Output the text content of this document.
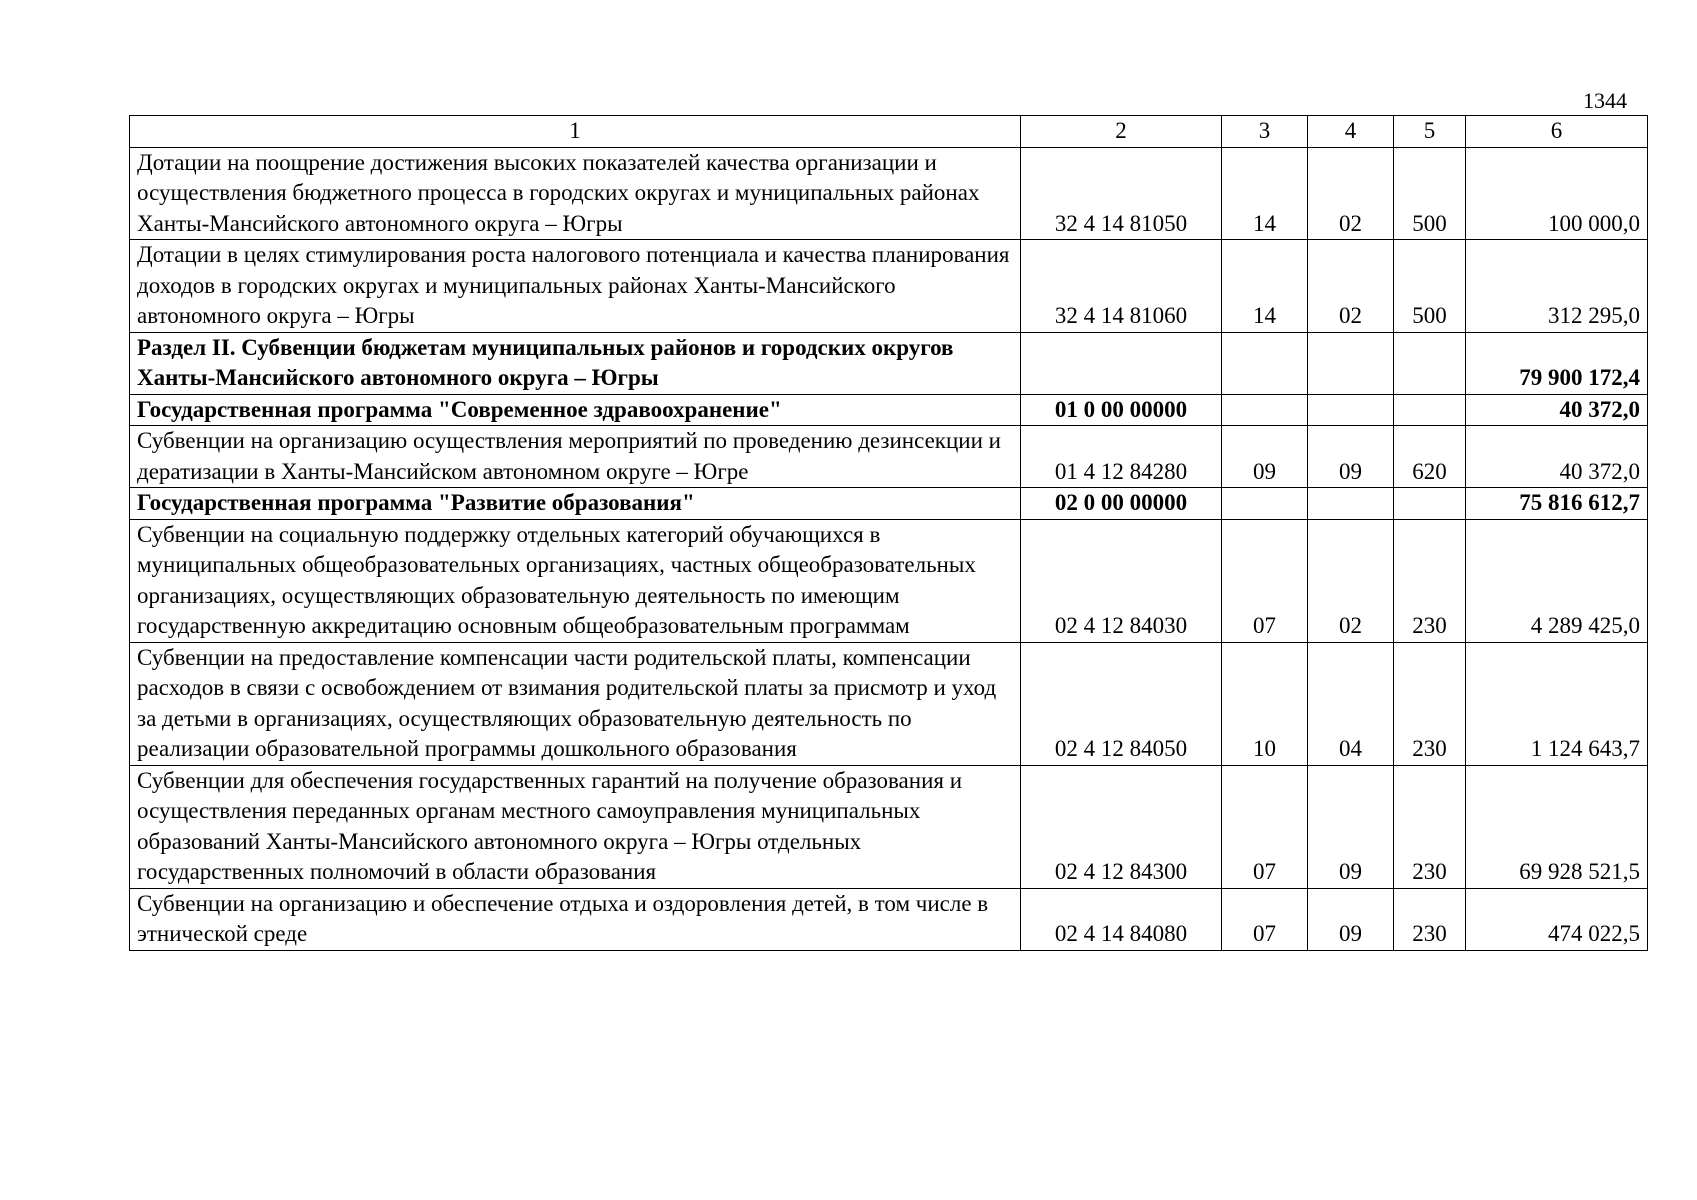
1344
1	2	3	4	5	6
Дотации на поощрение достижения высоких показателей качества организации и осуществления бюджетного процесса в городских округах и муниципальных районах Ханты-Мансийского автономного округа – Югры	32 4 14 81050	14	02	500	100 000,0
Дотации в целях стимулирования роста налогового потенциала и качества планирования доходов в городских округах и муниципальных районах Ханты-Мансийского автономного округа – Югры	32 4 14 81060	14	02	500	312 295,0
Раздел II. Субвенции бюджетам муниципальных районов и городских округов Ханты-Мансийского автономного округа – Югры					79 900 172,4
Государственная программа "Современное здравоохранение"	01 0 00 00000				40 372,0
Субвенции на организацию осуществления мероприятий по проведению дезинсекции и дератизации в Ханты-Мансийском автономном округе – Югре	01 4 12 84280	09	09	620	40 372,0
Государственная программа "Развитие образования"	02 0 00 00000				75 816 612,7
Субвенции на социальную поддержку отдельных категорий обучающихся в муниципальных общеобразовательных организациях, частных общеобразовательных организациях, осуществляющих образовательную деятельность по имеющим государственную аккредитацию основным общеобразовательным программам	02 4 12 84030	07	02	230	4 289 425,0
Субвенции на предоставление компенсации части родительской платы, компенсации расходов в связи с освобождением от взимания родительской платы за присмотр и уход за детьми в организациях, осуществляющих образовательную деятельность по реализации образовательной программы дошкольного образования	02 4 12 84050	10	04	230	1 124 643,7
Субвенции для обеспечения государственных гарантий на получение образования и осуществления переданных органам местного самоуправления муниципальных образований Ханты-Мансийского автономного округа – Югры отдельных государственных полномочий в области образования	02 4 12 84300	07	09	230	69 928 521,5
Субвенции на организацию и обеспечение отдыха и оздоровления детей, в том числе в этнической среде	02 4 14 84080	07	09	230	474 022,5
